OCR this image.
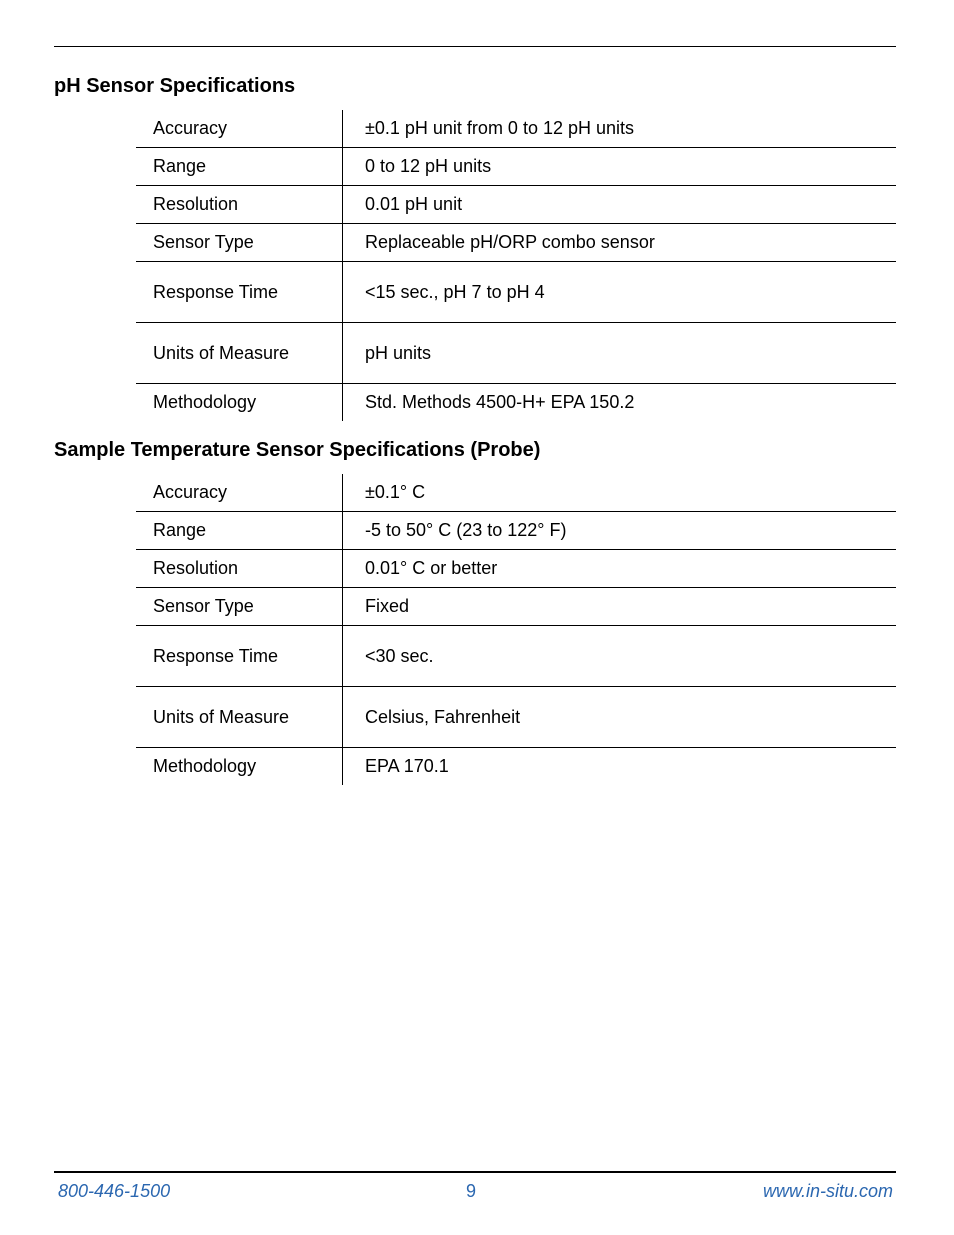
pH Sensor Specifications
Accuracy	±0.1 pH unit from 0 to 12 pH units
Range	0 to 12 pH units
Resolution	0.01 pH unit
Sensor Type	Replaceable pH/ORP combo sensor
Response Time	<15 sec., pH 7 to pH 4
Units of Measure	pH units
Methodology	Std. Methods 4500-H+ EPA 150.2
Sample Temperature Sensor Specifications (Probe)
Accuracy	±0.1° C
Range	-5 to 50° C (23 to 122° F)
Resolution	0.01° C or better
Sensor Type	Fixed
Response Time	<30 sec.
Units of Measure	Celsius, Fahrenheit
Methodology	EPA 170.1
800-446-1500	9	www.in-situ.com
